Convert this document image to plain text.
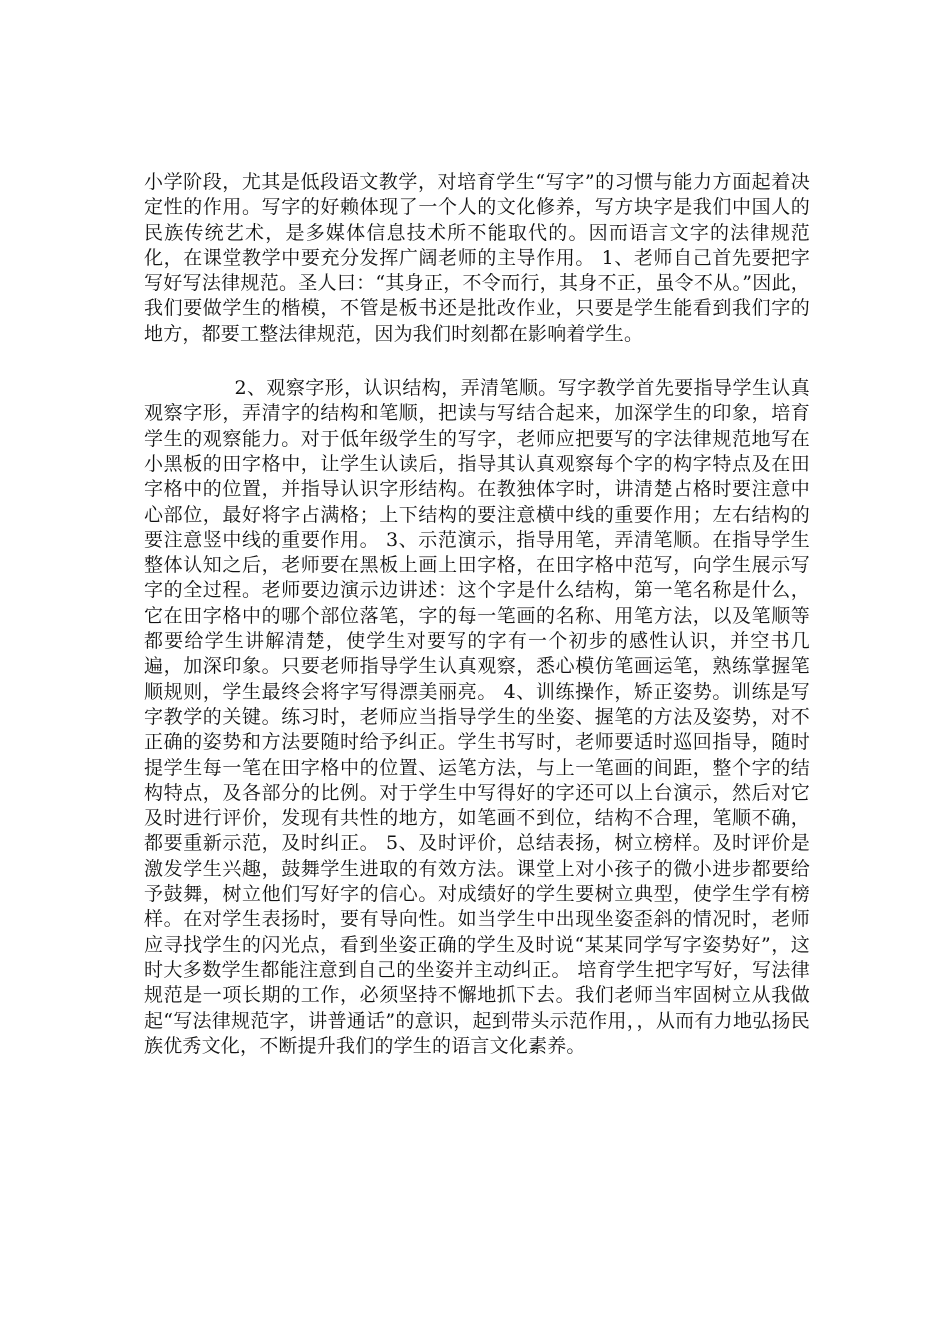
小学阶段，尤其是低段语文教学，对培育学生“写字”的习惯与能力方面起着决定性的作用。写字的好赖体现了一个人的文化修养，写方块字是我们中国人的民族传统艺术，是多媒体信息技术所不能取代的。因而语言文字的法律规范化，在课堂教学中要充分发挥广阔老师的主导作用。 1、老师自己首先要把字写好写法律规范。圣人曰：“其身正，不令而行，其身不正，虽令不从。”因此，我们要做学生的楷模，不管是板书还是批改作业，只要是学生能看到我们字的地方，都要工整法律规范，因为我们时刻都在影响着学生。

2、观察字形，认识结构，弄清笔顺。写字教学首先要指导学生认真观察字形，弄清字的结构和笔顺，把读与写结合起来，加深学生的印象，培育学生的观察能力。对于低年级学生的写字，老师应把要写的字法律规范地写在小黑板的田字格中，让学生认读后，指导其认真观察每个字的构字特点及在田字格中的位置，并指导认识字形结构。在教独体字时，讲清楚占格时要注意中心部位，最好将字占满格；上下结构的要注意横中线的重要作用；左右结构的要注意竖中线的重要作用。 3、示范演示，指导用笔，弄清笔顺。在指导学生整体认知之后，老师要在黑板上画上田字格，在田字格中范写，向学生展示写字的全过程。老师要边演示边讲述：这个字是什么结构，第一笔名称是什么，它在田字格中的哪个部位落笔，字的每一笔画的名称、用笔方法，以及笔顺等都要给学生讲解清楚，使学生对要写的字有一个初步的感性认识，并空书几遍，加深印象。只要老师指导学生认真观察，悉心模仿笔画运笔，熟练掌握笔顺规则，学生最终会将字写得漂美丽亮。 4、训练操作，矫正姿势。训练是写字教学的关键。练习时，老师应当指导学生的坐姿、握笔的方法及姿势，对不正确的姿势和方法要随时给予纠正。学生书写时，老师要适时巡回指导，随时提学生每一笔在田字格中的位置、运笔方法，与上一笔画的间距，整个字的结构特点，及各部分的比例。对于学生中写得好的字还可以上台演示，然后对它及时进行评价，发现有共性的地方，如笔画不到位，结构不合理，笔顺不确，都要重新示范，及时纠正。 5、及时评价，总结表扬，树立榜样。及时评价是激发学生兴趣，鼓舞学生进取的有效方法。课堂上对小孩子的微小进步都要给予鼓舞，树立他们写好字的信心。对成绩好的学生要树立典型，使学生学有榜样。在对学生表扬时，要有导向性。如当学生中出现坐姿歪斜的情况时，老师应寻找学生的闪光点，看到坐姿正确的学生及时说“某某同学写字姿势好”，这时大多数学生都能注意到自己的坐姿并主动纠正。 培育学生把字写好，写法律规范是一项长期的工作，必须坚持不懈地抓下去。我们老师当牢固树立从我做起“写法律规范字，讲普通话”的意识，起到带头示范作用，，从而有力地弘扬民族优秀文化，不断提升我们的学生的语言文化素养。
